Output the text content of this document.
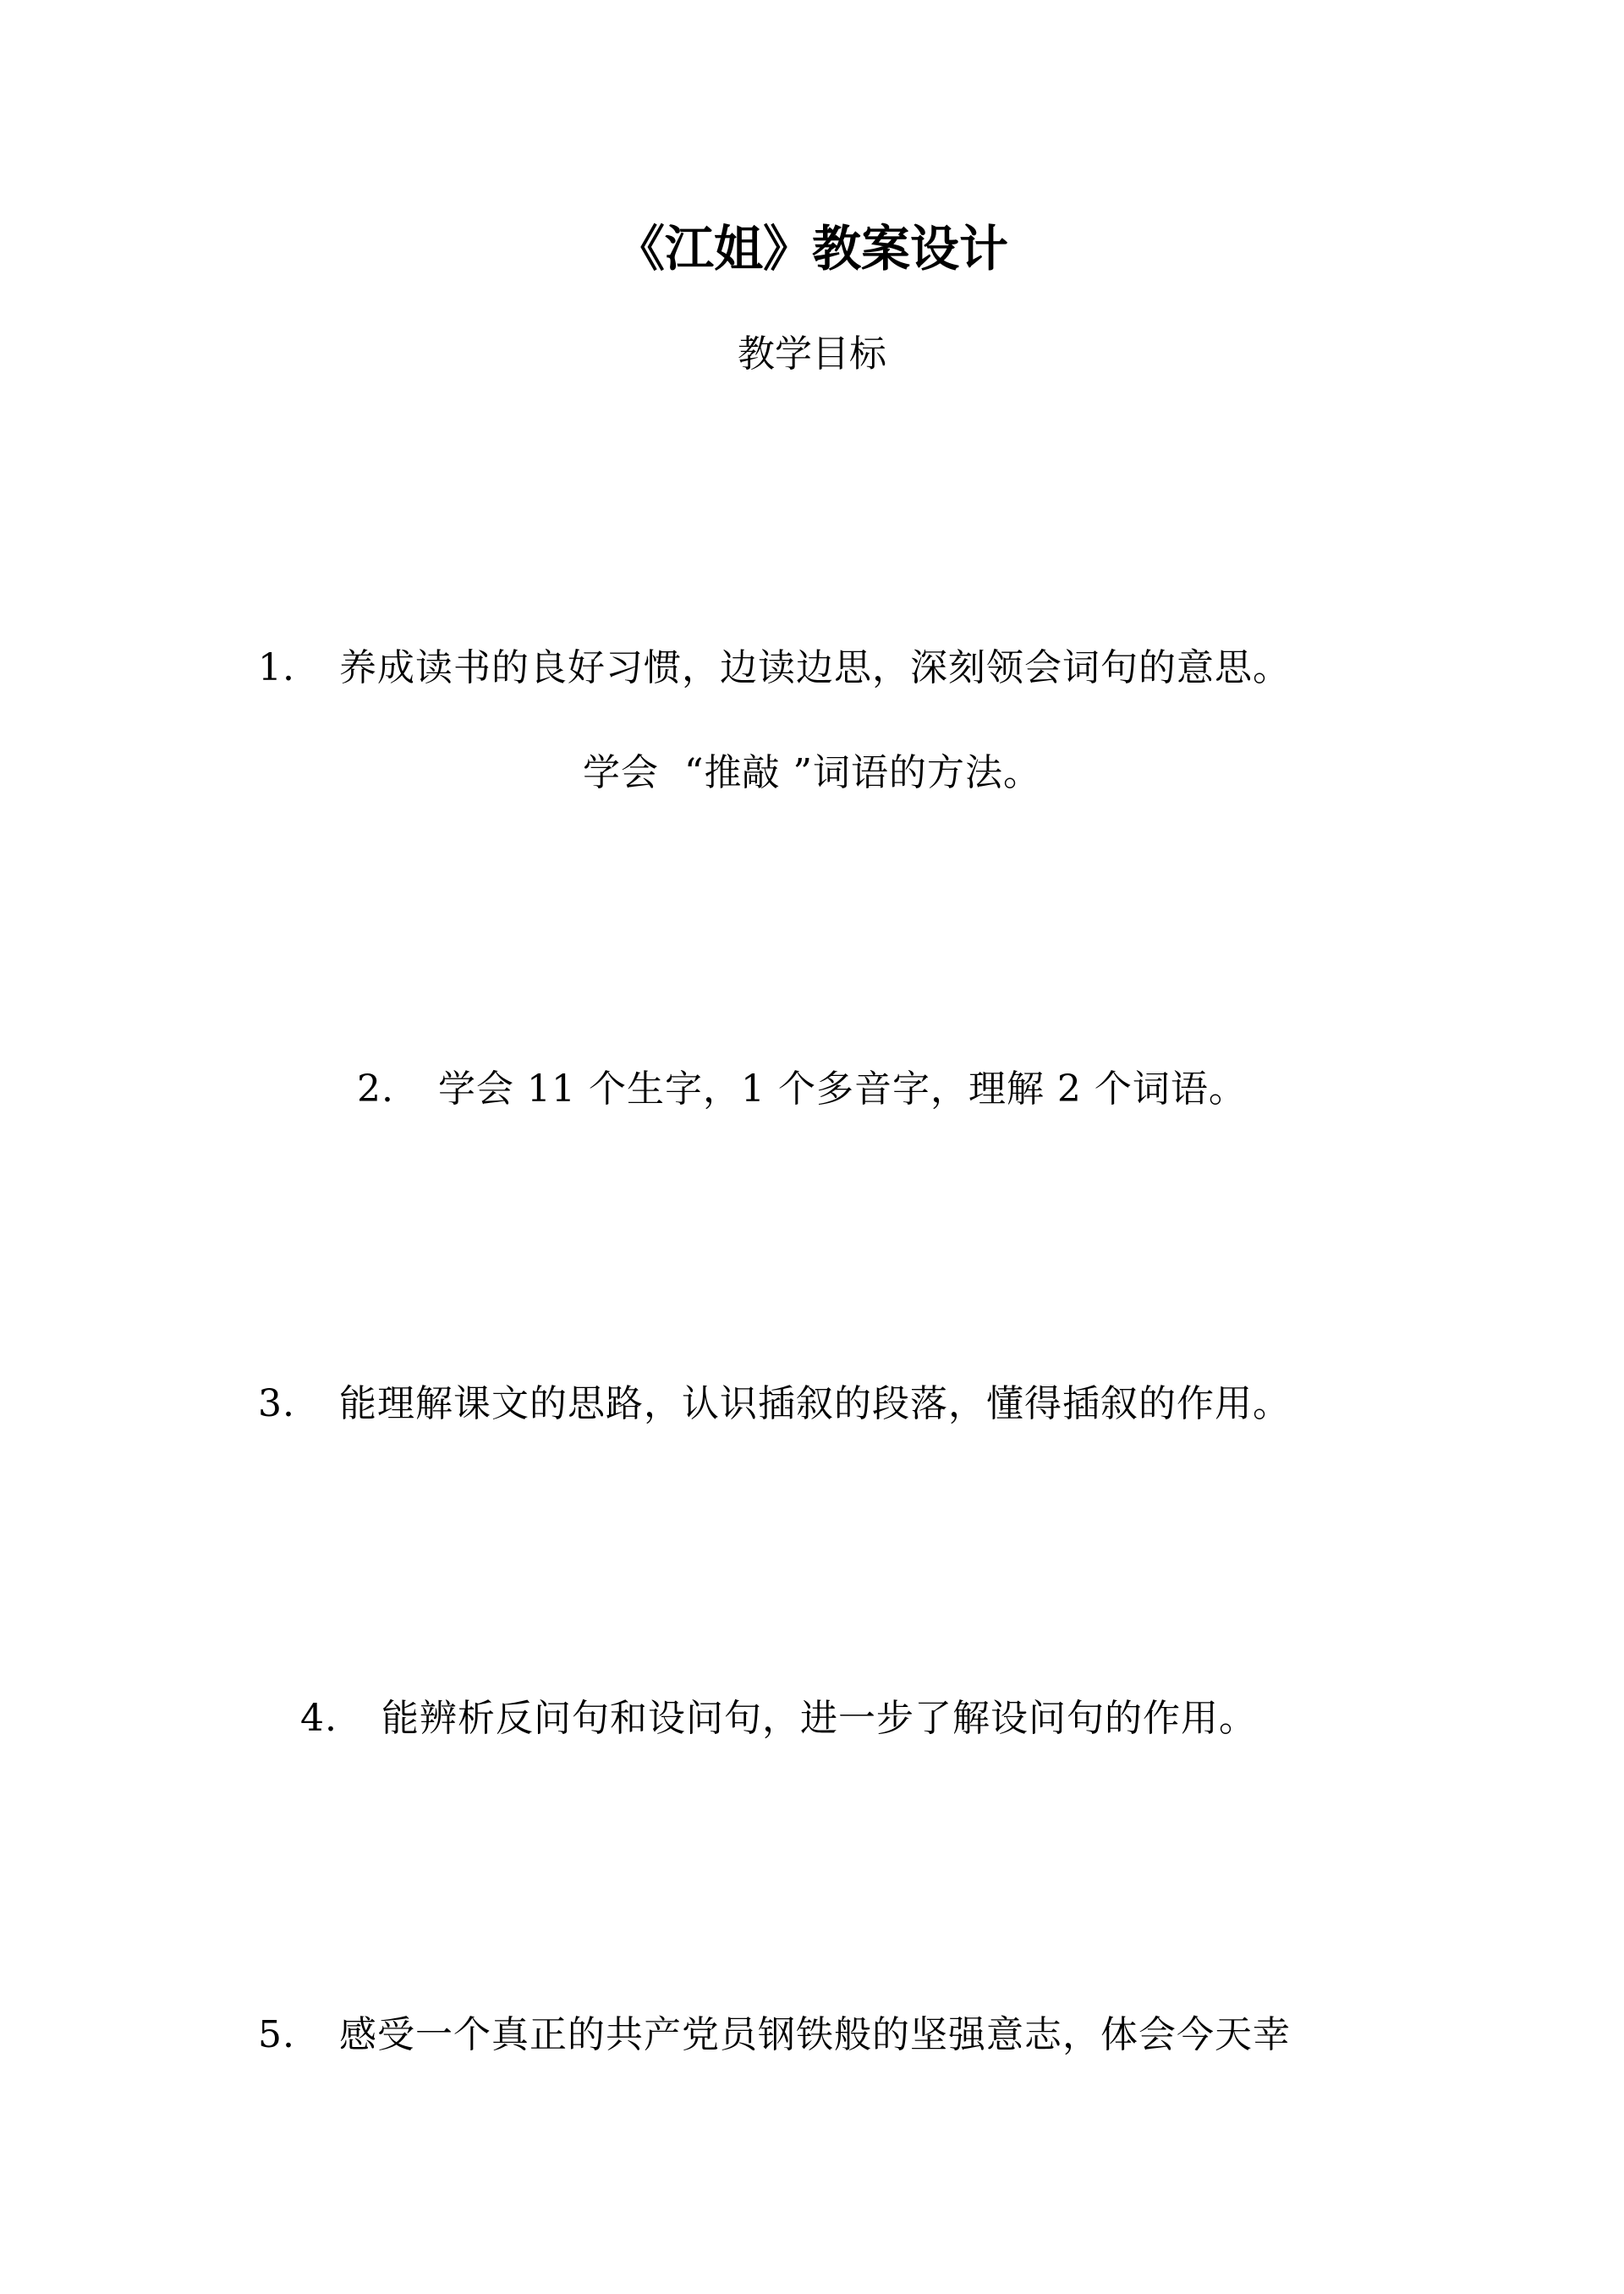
《江姐》教案设计
教学目标
1. 养成读书的良好习惯，边读边思，深刻领会词句的意思。
学会 “推敲 ”词语的方法。
2. 学会 11 个生字，1 个多音字，理解 2 个词语。
3. 能理解课文的思路，认识插叙的段落，懂得插叙的作用。
4. 能辨析反问句和设问句，进一步了解设问句的作用。
5. 感受一个真正的共产党员钢铁般的坚强意志，体会今天幸
